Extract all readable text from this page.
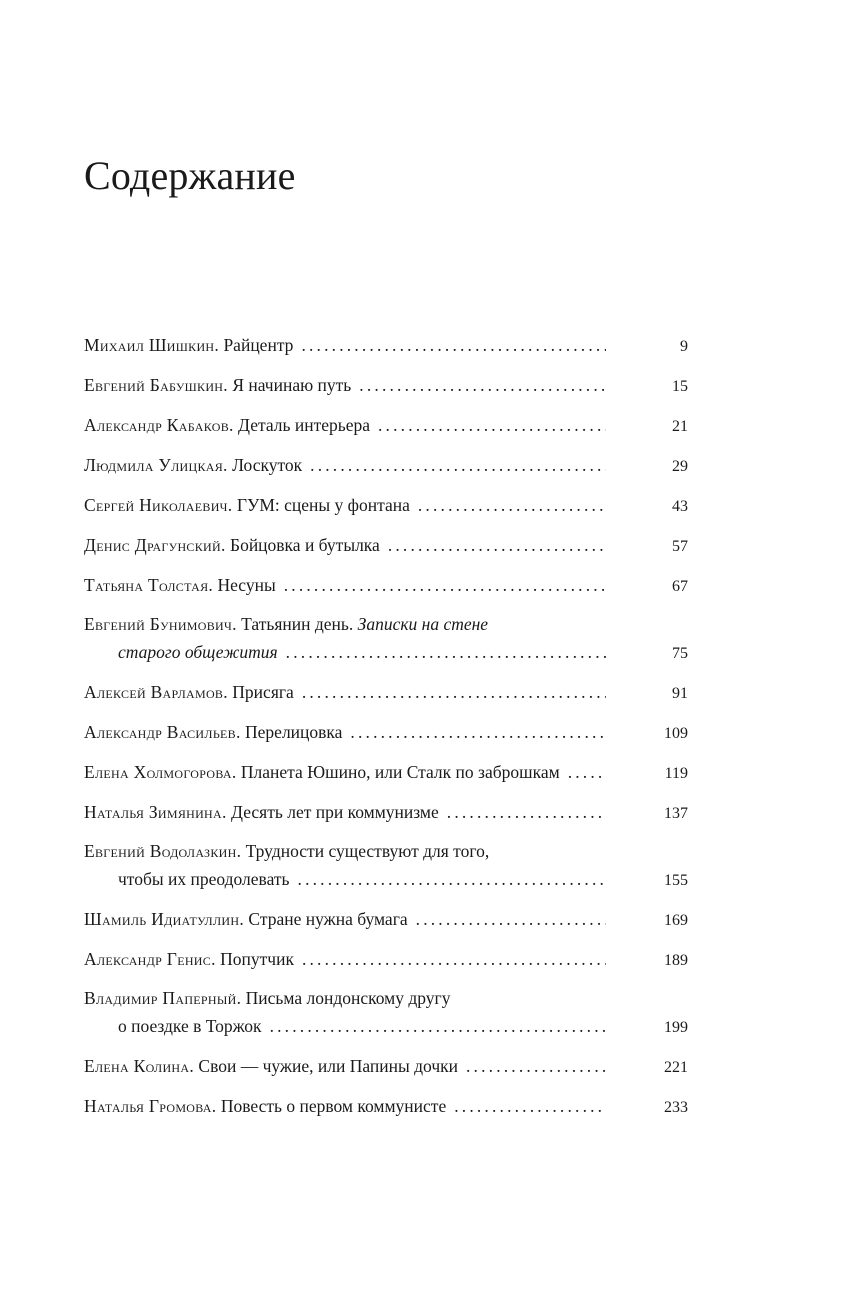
Содержание
Михаил Шишкин. Райцентр . . .	9
Евгений Бабушкин. Я начинаю путь . . .	15
Александр Кабаков. Деталь интерьера . . .	21
Людмила Улицкая. Лоскуток . . .	29
Сергей Николаевич. ГУМ: сцены у фонтана . . .	43
Денис Драгунский. Бойцовка и бутылка . . .	57
Татьяна Толстая. Несуны . . .	67
Евгений Бунимович. Татьянин день. Записки на стене
старого общежития . . .	75
Алексей Варламов. Присяга . . .	91
Александр Васильев. Перелицовка . . .	109
Елена Холмогорова. Планета Юшино, или Сталк по заброшкам . . .	119
Наталья Зимянина. Десять лет при коммунизме . . .	137
Евгений Водолазкин. Трудности существуют для того,
чтобы их преодолевать . . .	155
Шамиль Идиатуллин. Стране нужна бумага . . .	169
Александр Генис. Попутчик . . .	189
Владимир Паперный. Письма лондонскому другу
о поездке в Торжок . . .	199
Елена Колина. Свои — чужие, или Папины дочки . . .	221
Наталья Громова. Повесть о первом коммунисте . . .	233
